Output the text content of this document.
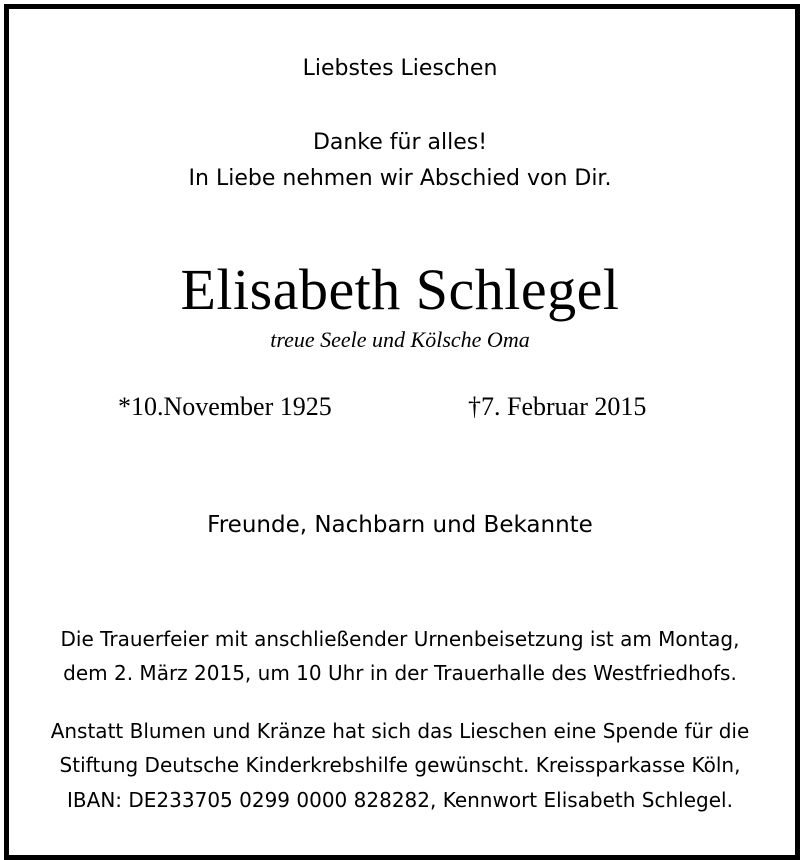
Liebstes Lieschen
Danke für alles!
In Liebe nehmen wir Abschied von Dir.
Elisabeth Schlegel
treue Seele und Kölsche Oma
*10.November 1925	†7. Februar 2015
Freunde, Nachbarn und Bekannte
Die Trauerfeier mit anschließender Urnenbeisetzung ist am Montag,
dem 2. März 2015, um 10 Uhr in der Trauerhalle des Westfriedhofs.
Anstatt Blumen und Kränze hat sich das Lieschen eine Spende für die
Stiftung Deutsche Kinderkrebshilfe gewünscht. Kreissparkasse Köln,
IBAN: DE233705 0299 0000 828282, Kennwort Elisabeth Schlegel.
